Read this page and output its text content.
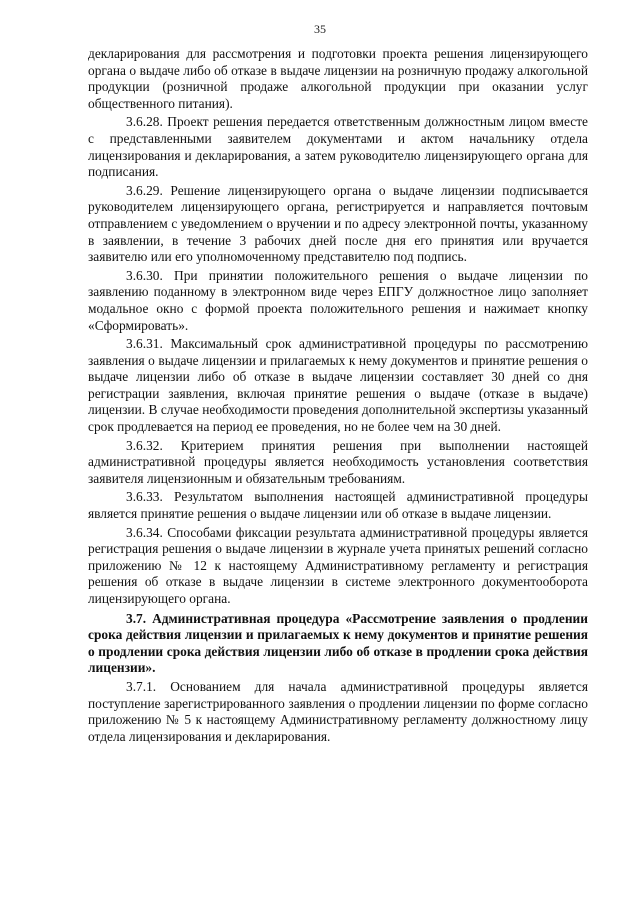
35

декларирования для рассмотрения и подготовки проекта решения лицензирующего органа о выдаче либо об отказе в выдаче лицензии на розничную продажу алкогольной продукции (розничной продаже алкогольной продукции при оказании услуг общественного питания).

3.6.28. Проект решения передается ответственным должностным лицом вместе с представленными заявителем документами и актом начальнику отдела лицензирования и декларирования, а затем руководителю лицензирующего органа для подписания.

3.6.29. Решение лицензирующего органа о выдаче лицензии подписывается руководителем лицензирующего органа, регистрируется и направляется почтовым отправлением с уведомлением о вручении и по адресу электронной почты, указанному в заявлении, в течение 3 рабочих дней после дня его принятия или вручается заявителю или его уполномоченному представителю под подпись.

3.6.30. При принятии положительного решения о выдаче лицензии по заявлению поданному в электронном виде через ЕПГУ должностное лицо заполняет модальное окно с формой проекта положительного решения и нажимает кнопку «Сформировать».

3.6.31. Максимальный срок административной процедуры по рассмотрению заявления о выдаче лицензии и прилагаемых к нему документов и принятие решения о выдаче лицензии либо об отказе в выдаче лицензии составляет 30 дней со дня регистрации заявления, включая принятие решения о выдаче (отказе в выдаче) лицензии. В случае необходимости проведения дополнительной экспертизы указанный срок продлевается на период ее проведения, но не более чем на 30 дней.

3.6.32. Критерием принятия решения при выполнении настоящей административной процедуры является необходимость установления соответствия заявителя лицензионным и обязательным требованиям.

3.6.33. Результатом выполнения настоящей административной процедуры является принятие решения о выдаче лицензии или об отказе в выдаче лицензии.

3.6.34. Способами фиксации результата административной процедуры является регистрация решения о выдаче лицензии в журнале учета принятых решений согласно приложению № 12 к настоящему Административному регламенту и регистрация решения об отказе в выдаче лицензии в системе электронного документооборота лицензирующего органа.

3.7. Административная процедура «Рассмотрение заявления о продлении срока действия лицензии и прилагаемых к нему документов и принятие решения о продлении срока действия лицензии либо об отказе в продлении срока действия лицензии».

3.7.1. Основанием для начала административной процедуры является поступление зарегистрированного заявления о продлении лицензии по форме согласно приложению № 5 к настоящему Административному регламенту должностному лицу отдела лицензирования и декларирования.
